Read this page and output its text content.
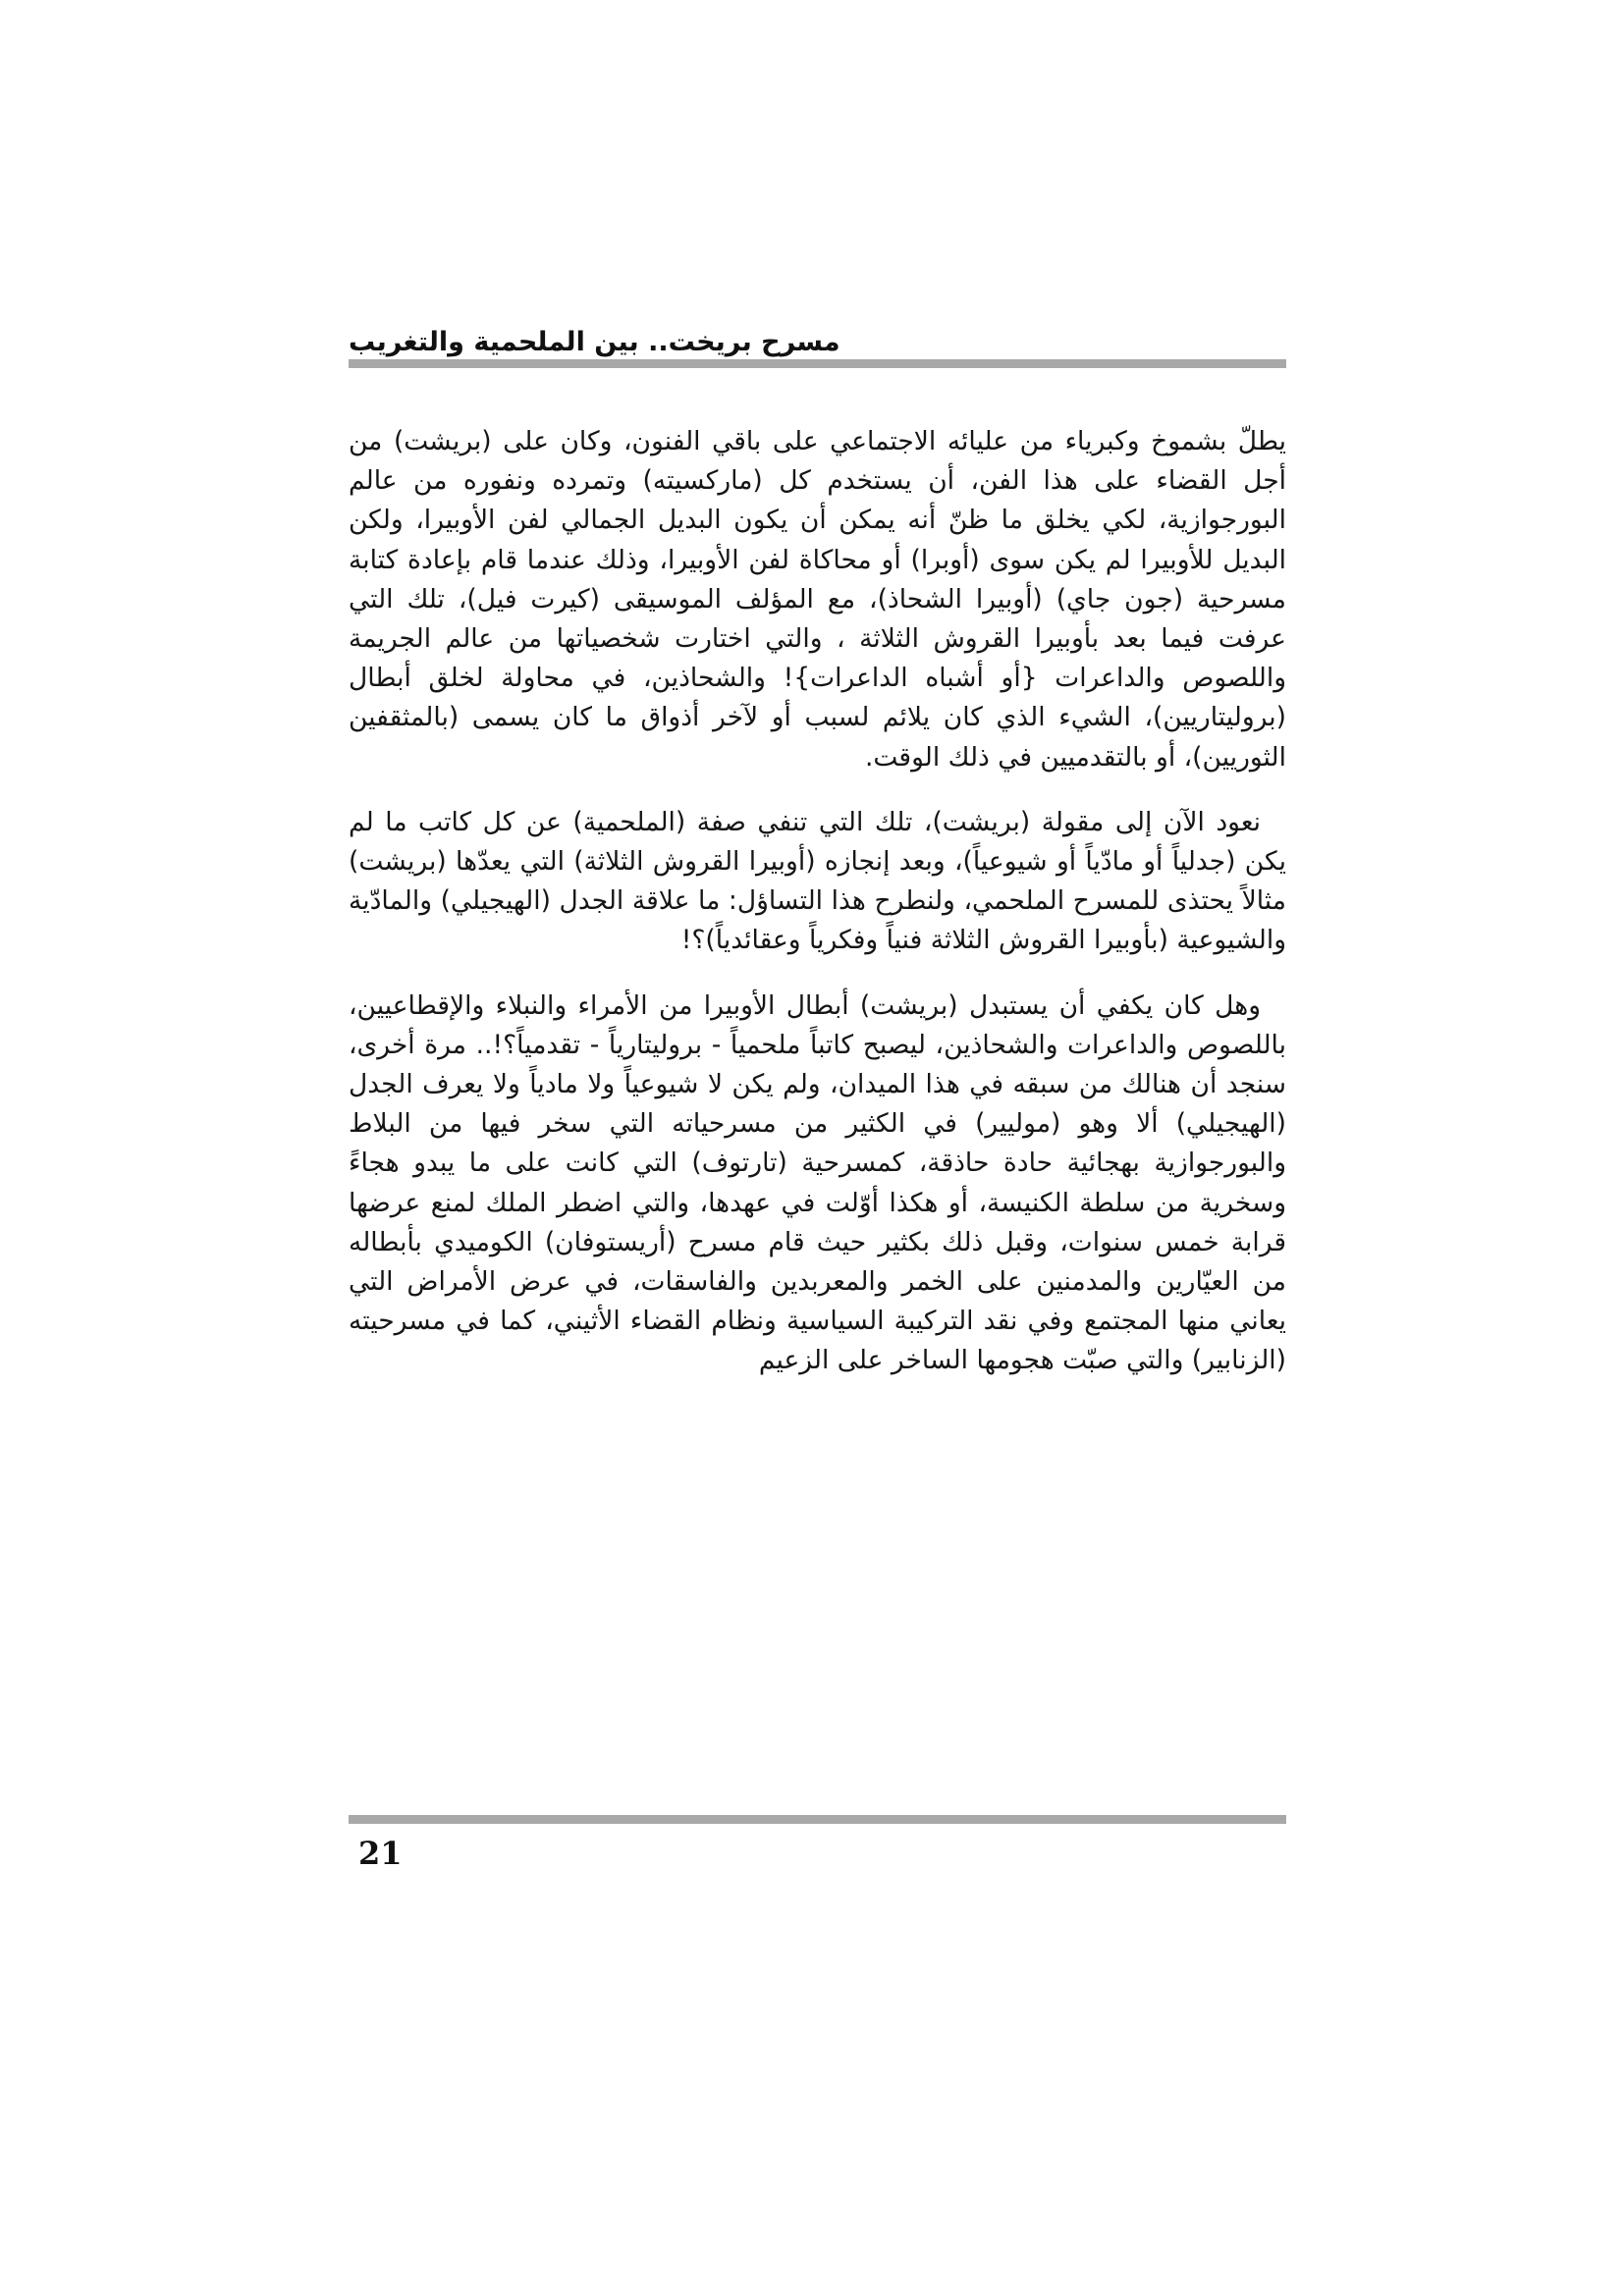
مسرح بريخت.. بين الملحمية والتغريب

يطلّ بشموخ وكبرياء من عليائه الاجتماعي على باقي الفنون، وكان على (بريشت) من أجل القضاء على هذا الفن، أن يستخدم كل (ماركسيته) وتمرده ونفوره من عالم البورجوازية، لكي يخلق ما ظنّ أنه يمكن أن يكون البديل الجمالي لفن الأوبيرا، ولكن البديل للأوبيرا لم يكن سوى (أوبرا) أو محاكاة لفن الأوبيرا، وذلك عندما قام بإعادة كتابة مسرحية (جون جاي) (أوبيرا الشحاذ)، مع المؤلف الموسيقى (كيرت فيل)، تلك التي عرفت فيما بعد بأوبيرا القروش الثلاثة ، والتي اختارت شخصياتها من عالم الجريمة واللصوص والداعرات {أو أشباه الداعرات}! والشحاذين، في محاولة لخلق أبطال (بروليتاريين)، الشيء الذي كان يلائم لسبب أو لآخر أذواق ما كان يسمى (بالمثقفين الثوريين)، أو بالتقدميين في ذلك الوقت.

نعود الآن إلى مقولة (بريشت)، تلك التي تنفي صفة (الملحمية) عن كل كاتب ما لم يكن (جدلياً أو مادّياً أو شيوعياً)، وبعد إنجازه (أوبيرا القروش الثلاثة) التي يعدّها (بريشت) مثالاً يحتذى للمسرح الملحمي، ولنطرح هذا التساؤل: ما علاقة الجدل (الهيجيلي) والمادّية والشيوعية (بأوبيرا القروش الثلاثة فنياً وفكرياً وعقائدياً)؟!

وهل كان يكفي أن يستبدل (بريشت) أبطال الأوبيرا من الأمراء والنبلاء والإقطاعيين، باللصوص والداعرات والشحاذين، ليصبح كاتباً ملحمياً - بروليتارياً - تقدمياً؟!.. مرة أخرى، سنجد أن هنالك من سبقه في هذا الميدان، ولم يكن لا شيوعياً ولا مادياً ولا يعرف الجدل (الهيجيلي) ألا وهو (موليير) في الكثير من مسرحياته التي سخر فيها من البلاط والبورجوازية بهجائية حادة حاذقة، كمسرحية (تارتوف) التي كانت على ما يبدو هجاءً وسخرية من سلطة الكنيسة، أو هكذا أوّلت في عهدها، والتي اضطر الملك لمنع عرضها قرابة خمس سنوات، وقبل ذلك بكثير حيث قام مسرح (أريستوفان) الكوميدي بأبطاله من العيّارين والمدمنين على الخمر والمعربدين والفاسقات، في عرض الأمراض التي يعاني منها المجتمع وفي نقد التركيبة السياسية ونظام القضاء الأثيني، كما في مسرحيته (الزنابير) والتي صبّت هجومها الساخر على الزعيم

21
